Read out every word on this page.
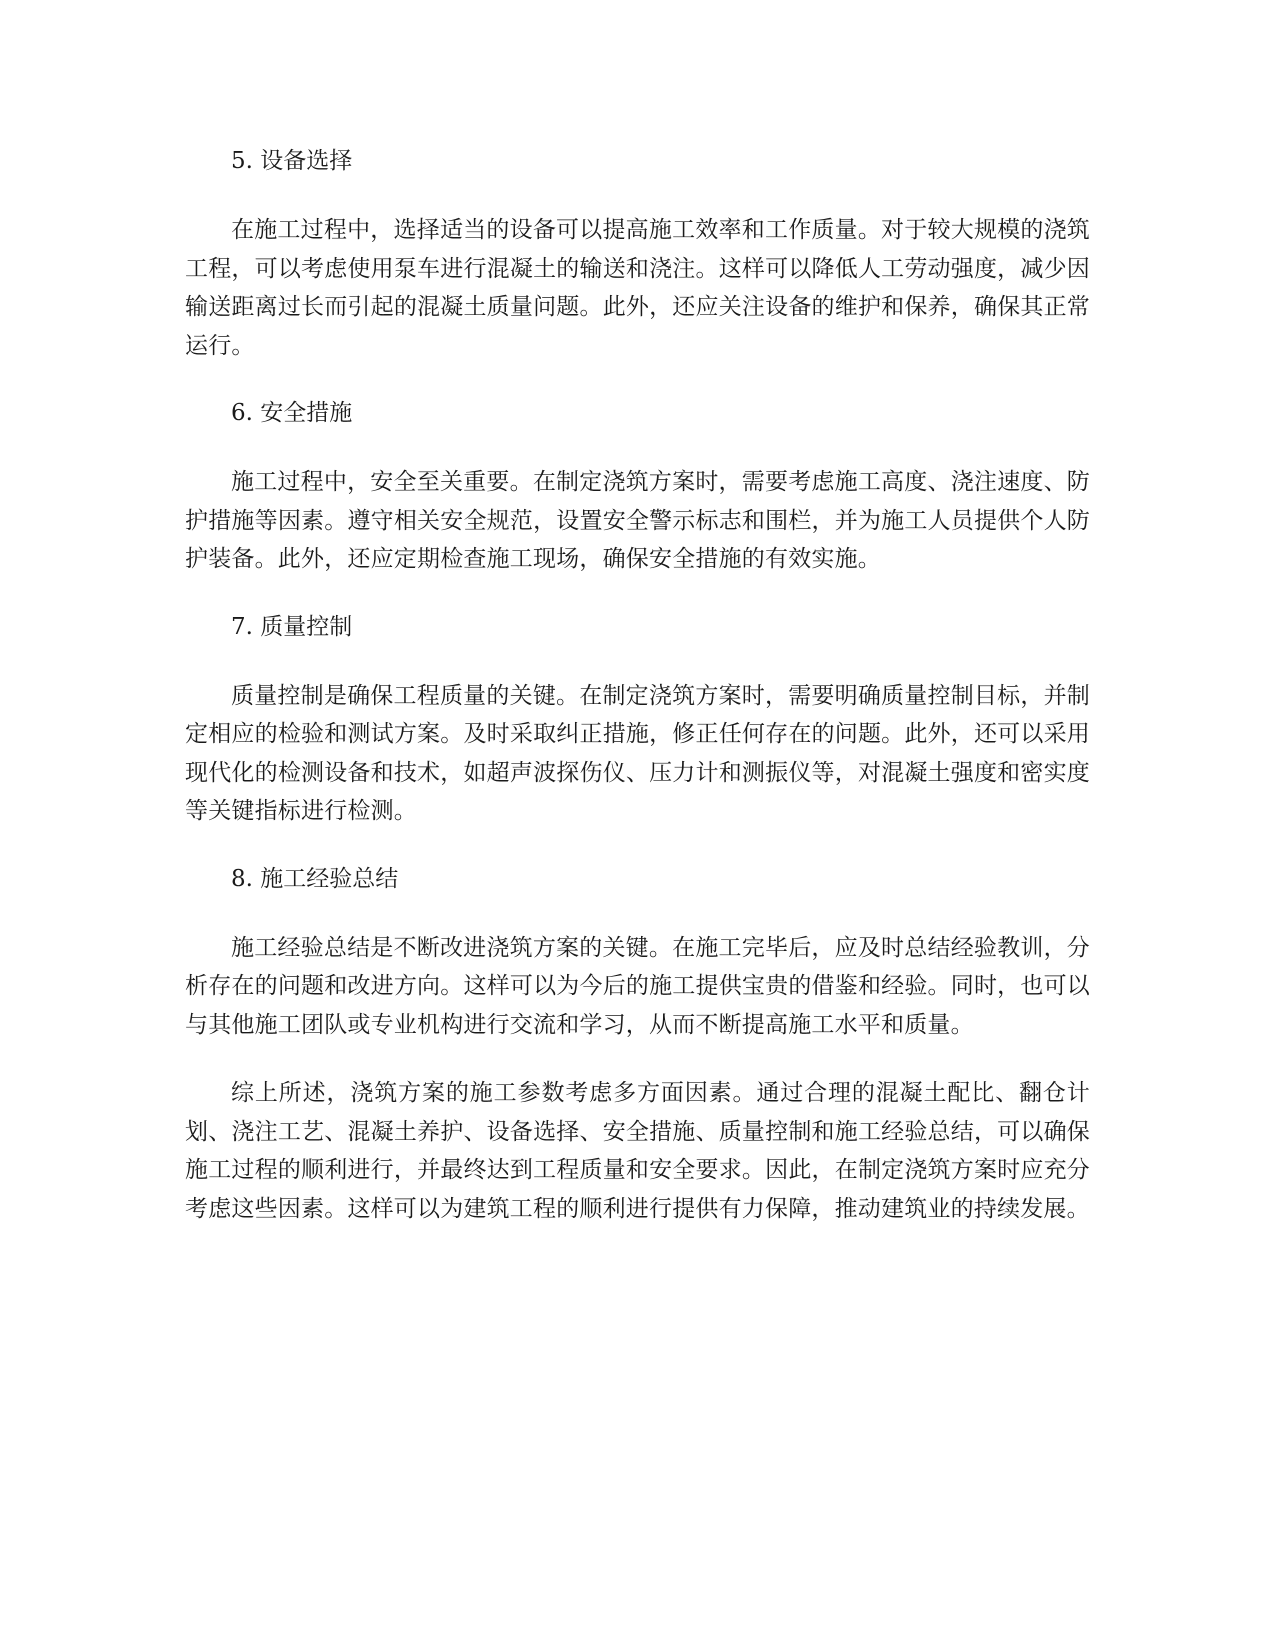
5. 设备选择

在施工过程中，选择适当的设备可以提高施工效率和工作质量。对于较大规模的浇筑工程，可以考虑使用泵车进行混凝土的输送和浇注。这样可以降低人工劳动强度，减少因输送距离过长而引起的混凝土质量问题。此外，还应关注设备的维护和保养，确保其正常运行。

6. 安全措施

施工过程中，安全至关重要。在制定浇筑方案时，需要考虑施工高度、浇注速度、防护措施等因素。遵守相关安全规范，设置安全警示标志和围栏，并为施工人员提供个人防护装备。此外，还应定期检查施工现场，确保安全措施的有效实施。

7. 质量控制

质量控制是确保工程质量的关键。在制定浇筑方案时，需要明确质量控制目标，并制定相应的检验和测试方案。及时采取纠正措施，修正任何存在的问题。此外，还可以采用现代化的检测设备和技术，如超声波探伤仪、压力计和测振仪等，对混凝土强度和密实度等关键指标进行检测。

8. 施工经验总结

施工经验总结是不断改进浇筑方案的关键。在施工完毕后，应及时总结经验教训，分析存在的问题和改进方向。这样可以为今后的施工提供宝贵的借鉴和经验。同时，也可以与其他施工团队或专业机构进行交流和学习，从而不断提高施工水平和质量。

综上所述，浇筑方案的施工参数考虑多方面因素。通过合理的混凝土配比、翻仓计划、浇注工艺、混凝土养护、设备选择、安全措施、质量控制和施工经验总结，可以确保施工过程的顺利进行，并最终达到工程质量和安全要求。因此，在制定浇筑方案时应充分考虑这些因素。这样可以为建筑工程的顺利进行提供有力保障，推动建筑业的持续发展。
